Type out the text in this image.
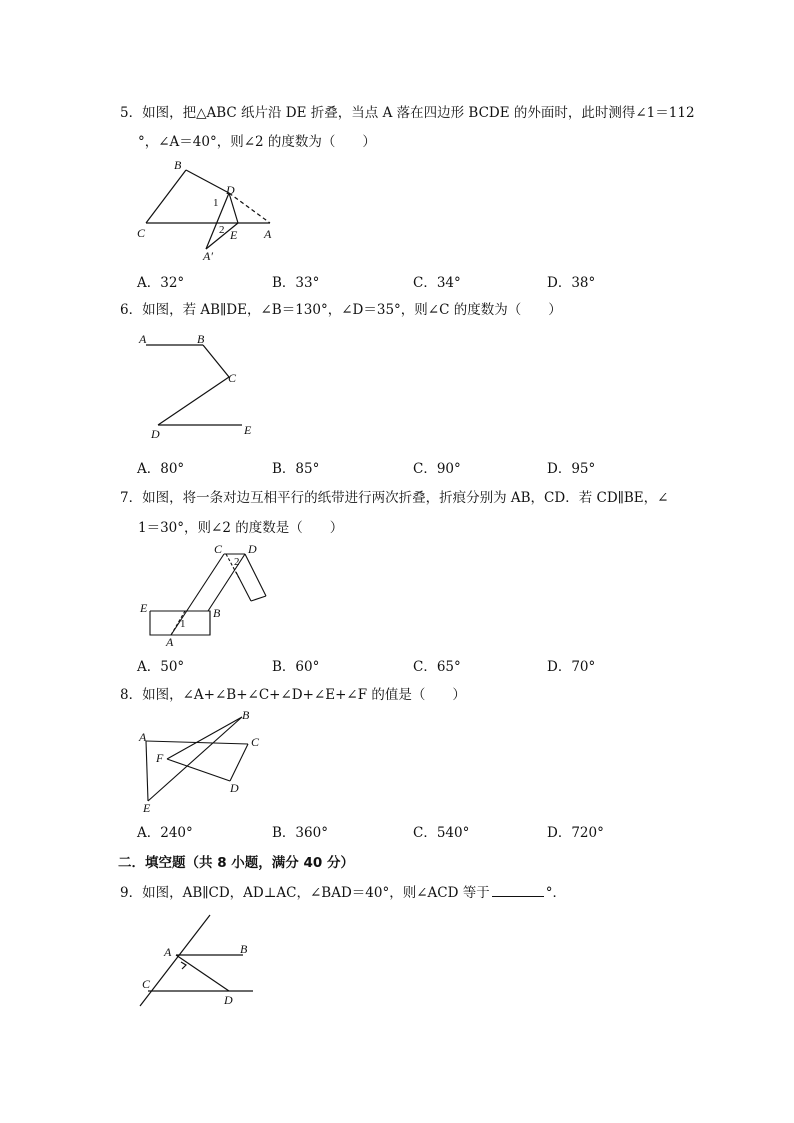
5．如图，把△ABC 纸片沿 DE 折叠，当点 A 落在四边形 BCDE 的外面时，此时测得∠1＝112
°，∠A＝40°，则∠2 的度数为（　　）
B
C
D
E A
A′
1
2
A．32°	B．33°	C．34°	D．38°
6．如图，若 AB∥DE，∠B＝130°，∠D＝35°，则∠C 的度数为（　　）
A	B
C
D	E
A．80°	B．85°	C．90°	D．95°
7．如图，将一条对边互相平行的纸带进行两次折叠，折痕分别为 AB，CD．若 CD∥BE，∠
1＝30°，则∠2 的度数是（　　）
C D
E	B
A
1
2
A．50°	B．60°	C．65°	D．70°
8．如图，∠A+∠B+∠C+∠D+∠E+∠F 的值是（　　）
B
A	C
F
D
E
A．240°	B．360°	C．540°	D．720°
二．填空题（共 8 小题，满分 40 分）
9．如图，AB∥CD，AD⊥AC，∠BAD＝40°，则∠ACD 等于	°．
A	B
C
D
